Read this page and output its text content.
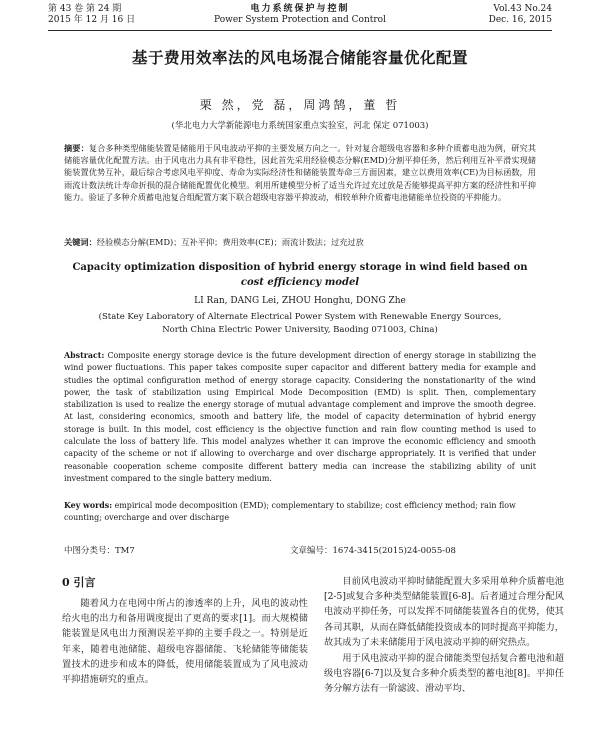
第 43 卷 第 24 期
2015 年 12 月 16 日
电力系统保护与控制
Power System Protection and Control
Vol.43 No.24
Dec. 16, 2015
基于费用效率法的风电场混合储能容量优化配置
栗 然，党 磊，周鸿鹄，董 哲
(华北电力大学新能源电力系统国家重点实验室，河北 保定 071003)
摘要：复合多种类型储能装置是储能用于风电波动平抑的主要发展方向之一。针对复合超级电容器和多种介质蓄电池为例，研究其储能容量优化配置方法。由于风电出力具有非平稳性，因此首先采用经验模态分解(EMD)分割平抑任务，然后利用互补平滑实现储能装置优势互补，最后综合考虑风电平抑度、寿命为实际经济性和储能装置寿命三方面因素，建立以费用效率(CE)为目标函数，用雨流计数法统计寿命折损的混合储能配置优化模型。利用所建模型分析了适当允许过充过放是否能够提高平抑方案的经济性和平抑能力。验证了多种介质蓄电池复合组配置方案下联合超级电容器平抑波动，相较单种介质蓄电池储能单位投资的平抑能力。
关键词：经验模态分解(EMD)；互补平抑；费用效率(CE)；雨流计数法；过充过放
Capacity optimization disposition of hybrid energy storage in wind field based on
cost efficiency model
LI Ran, DANG Lei, ZHOU Honghu, DONG Zhe
(State Key Laboratory of Alternate Electrical Power System with Renewable Energy Sources,
North China Electric Power University, Baoding 071003, China)
Abstract: Composite energy storage device is the future development direction of energy storage in stabilizing the wind power fluctuations. This paper takes composite super capacitor and different battery media for example and studies the optimal configuration method of energy storage capacity. Considering the nonstationarity of the wind power, the task of stabilization using Empirical Mode Decomposition (EMD) is split. Then, complementary stabilization is used to realize the energy storage of mutual advantage complement and improve the smooth degree. At last, considering economics, smooth and battery life, the model of capacity determination of hybrid energy storage is built. In this model, cost efficiency is the objective function and rain flow counting method is used to calculate the loss of battery life. This model analyzes whether it can improve the economic efficiency and smooth capacity of the scheme or not if allowing to overcharge and over discharge appropriately. It is verified that under reasonable cooperation scheme composite different battery media can increase the stabilizing ability of unit investment compared to the single battery medium.
Key words: empirical mode decomposition (EMD); complementary to stabilize; cost efficiency method; rain flow counting; overcharge and over discharge
中图分类号：TM7	文章编号：1674-3415(2015)24-0055-08
0 引言

随着风力在电网中所占的渗透率的上升，风电的波动性给火电的出力和备用调度提出了更高的要求[1]。而大规模储能装置是风电出力预测误差平抑的主要手段之一。特别是近年来，随着电池储能、超级电容器储能、飞轮储能等储能装置技术的进步和成本的降低，使用储能装置成为了风电波动平抑措施研究的重点。

目前风电波动平抑时储能配置大多采用单种介质蓄电池[2-5]或复合多种类型储能装置[6-8]。后者通过合理分配风电波动平抑任务，可以发挥不同储能装置各自的优势，使其各司其职，从而在降低储能投资成本的同时提高平抑能力，故其成为了未来储能用于风电波动平抑的研究热点。

用于风电波动平抑的混合储能类型包括复合蓄电池和超级电容器[6-7]以及复合多种介质类型的蓄电池[8]。平抑任务分解方法有一阶滤波、滑动平均、
